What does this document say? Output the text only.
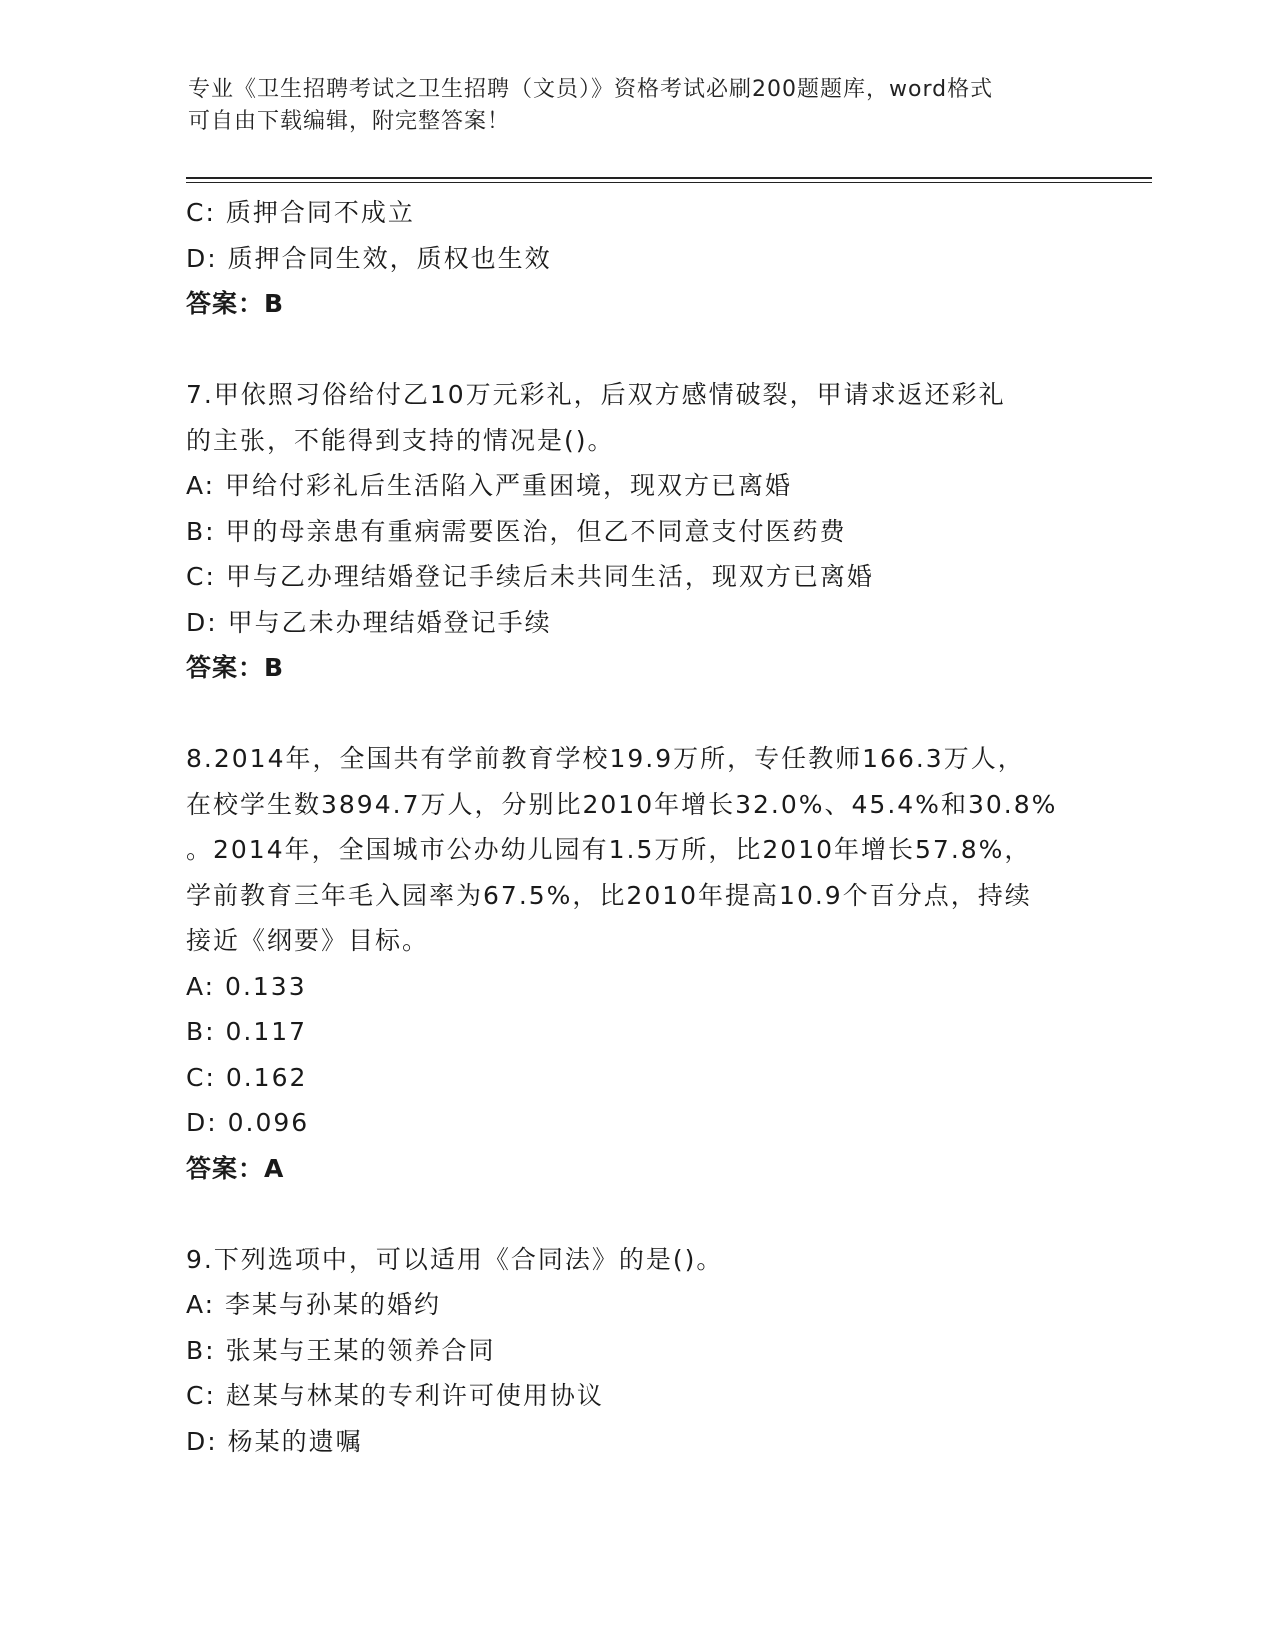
专业《卫生招聘考试之卫生招聘（文员）》资格考试必刷200题题库，word格式
可自由下载编辑，附完整答案！
C: 质押合同不成立
D: 质押合同生效，质权也生效
答案：B
7.甲依照习俗给付乙10万元彩礼，后双方感情破裂，甲请求返还彩礼
的主张，不能得到支持的情况是()。
A: 甲给付彩礼后生活陷入严重困境，现双方已离婚
B: 甲的母亲患有重病需要医治，但乙不同意支付医药费
C: 甲与乙办理结婚登记手续后未共同生活，现双方已离婚
D: 甲与乙未办理结婚登记手续
答案：B
8.2014年，全国共有学前教育学校19.9万所，专任教师166.3万人，
在校学生数3894.7万人，分别比2010年增长32.0%、45.4%和30.8%
。2014年，全国城市公办幼儿园有1.5万所，比2010年增长57.8%，
学前教育三年毛入园率为67.5%，比2010年提高10.9个百分点，持续
接近《纲要》目标。
A: 0.133
B: 0.117
C: 0.162
D: 0.096
答案：A
9.下列选项中，可以适用《合同法》的是()。
A: 李某与孙某的婚约
B: 张某与王某的领养合同
C: 赵某与林某的专利许可使用协议
D: 杨某的遗嘱
